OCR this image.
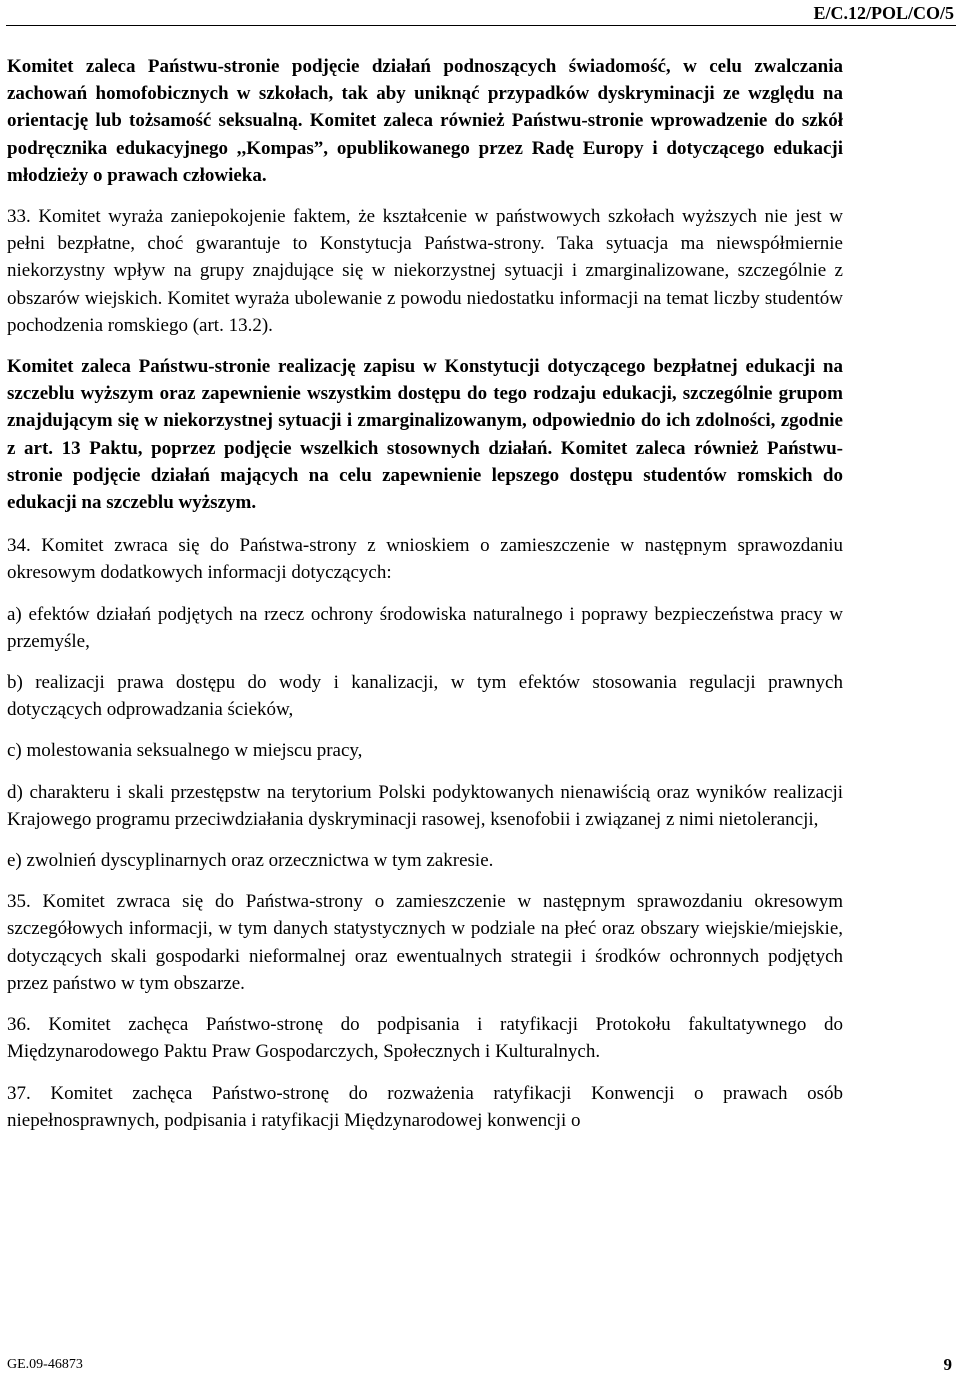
E/C.12/POL/CO/5

Komitet zaleca Państwu-stronie podjęcie działań podnoszących świadomość, w celu zwalczania zachowań homofobicznych w szkołach, tak aby uniknąć przypadków dyskryminacji ze względu na orientację lub tożsamość seksualną. Komitet zaleca również Państwu-stronie wprowadzenie do szkół podręcznika edukacyjnego ,,Kompas”, opublikowanego przez Radę Europy i dotyczącego edukacji młodzieży o prawach człowieka.

33. Komitet wyraża zaniepokojenie faktem, że kształcenie w państwowych szkołach wyższych nie jest w pełni bezpłatne, choć gwarantuje to Konstytucja Państwa-strony. Taka sytuacja ma niewspółmiernie niekorzystny wpływ na grupy znajdujące się w niekorzystnej sytuacji i zmarginalizowane, szczególnie z obszarów wiejskich. Komitet wyraża ubolewanie z powodu niedostatku informacji na temat liczby studentów pochodzenia romskiego (art. 13.2).

Komitet zaleca Państwu-stronie realizację zapisu w Konstytucji dotyczącego bezpłatnej edukacji na szczeblu wyższym oraz zapewnienie wszystkim dostępu do tego rodzaju edukacji, szczególnie grupom znajdującym się w niekorzystnej sytuacji i zmarginalizowanym, odpowiednio do ich zdolności, zgodnie z art. 13 Paktu, poprzez podjęcie wszelkich stosownych działań. Komitet zaleca również Państwu-stronie podjęcie działań mających na celu zapewnienie lepszego dostępu studentów romskich do edukacji na szczeblu wyższym.

34. Komitet zwraca się do Państwa-strony z wnioskiem o zamieszczenie w następnym sprawozdaniu okresowym dodatkowych informacji dotyczących:

a) efektów działań podjętych na rzecz ochrony środowiska naturalnego i poprawy bezpieczeństwa pracy w przemyśle,

b) realizacji prawa dostępu do wody i kanalizacji, w tym efektów stosowania regulacji prawnych dotyczących odprowadzania ścieków,

c) molestowania seksualnego w miejscu pracy,

d) charakteru i skali przestępstw na terytorium Polski podyktowanych nienawiścią oraz wyników realizacji Krajowego programu przeciwdziałania dyskryminacji rasowej, ksenofobii i związanej z nimi nietolerancji,

e) zwolnień dyscyplinarnych oraz orzecznictwa w tym zakresie.

35. Komitet zwraca się do Państwa-strony o zamieszczenie w następnym sprawozdaniu okresowym szczegółowych informacji, w tym danych statystycznych w podziale na płeć oraz obszary wiejskie/miejskie, dotyczących skali gospodarki nieformalnej oraz ewentualnych strategii i środków ochronnych podjętych przez państwo w tym obszarze.

36. Komitet zachęca Państwo-stronę do podpisania i ratyfikacji Protokołu fakultatywnego do Międzynarodowego Paktu Praw Gospodarczych, Społecznych i Kulturalnych.

37. Komitet zachęca Państwo-stronę do rozważenia ratyfikacji Konwencji o prawach osób niepełnosprawnych, podpisania i ratyfikacji Międzynarodowej konwencji o

GE.09-46873	9
